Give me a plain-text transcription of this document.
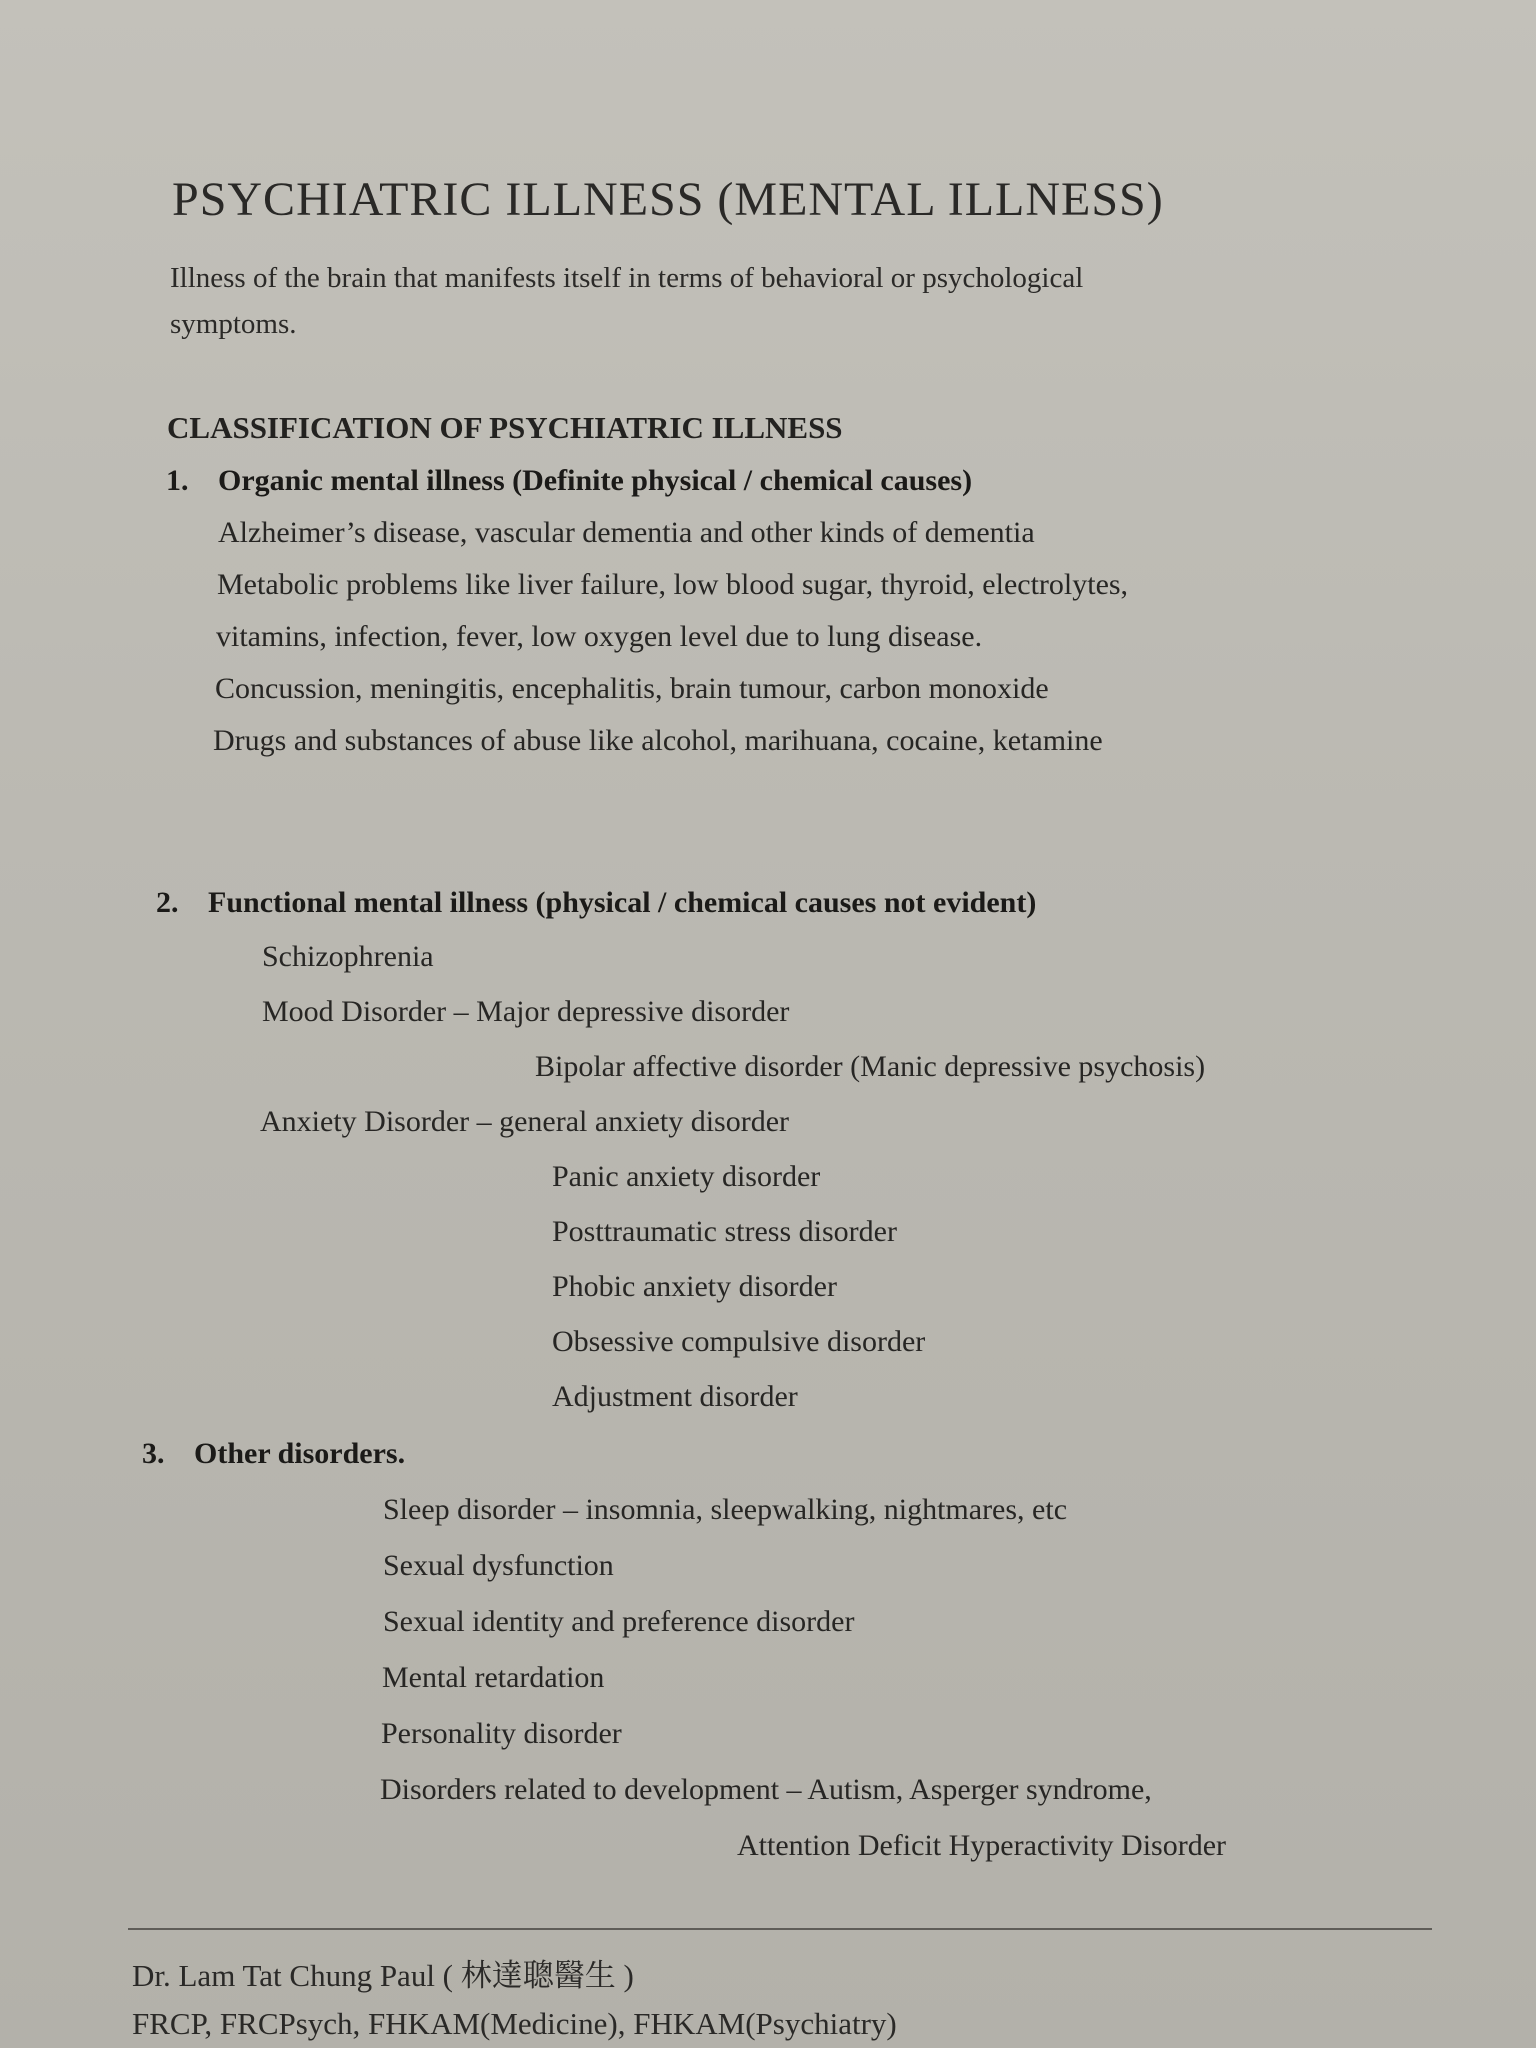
PSYCHIATRIC ILLNESS (MENTAL ILLNESS)
Illness of the brain that manifests itself in terms of behavioral or psychological
symptoms.
CLASSIFICATION OF PSYCHIATRIC ILLNESS
1. Organic mental illness (Definite physical / chemical causes)
Alzheimer’s disease, vascular dementia and other kinds of dementia
Metabolic problems like liver failure, low blood sugar, thyroid, electrolytes,
vitamins, infection, fever, low oxygen level due to lung disease.
Concussion, meningitis, encephalitis, brain tumour, carbon monoxide
Drugs and substances of abuse like alcohol, marihuana, cocaine, ketamine
2. Functional mental illness (physical / chemical causes not evident)
Schizophrenia
Mood Disorder – Major depressive disorder
Bipolar affective disorder (Manic depressive psychosis)
Anxiety Disorder – general anxiety disorder
Panic anxiety disorder
Posttraumatic stress disorder
Phobic anxiety disorder
Obsessive compulsive disorder
Adjustment disorder
3. Other disorders.
Sleep disorder – insomnia, sleepwalking, nightmares, etc
Sexual dysfunction
Sexual identity and preference disorder
Mental retardation
Personality disorder
Disorders related to development – Autism, Asperger syndrome,
Attention Deficit Hyperactivity Disorder
Dr. Lam Tat Chung Paul ( 林達聰醫生 )
FRCP, FRCPsych, FHKAM(Medicine), FHKAM(Psychiatry)
